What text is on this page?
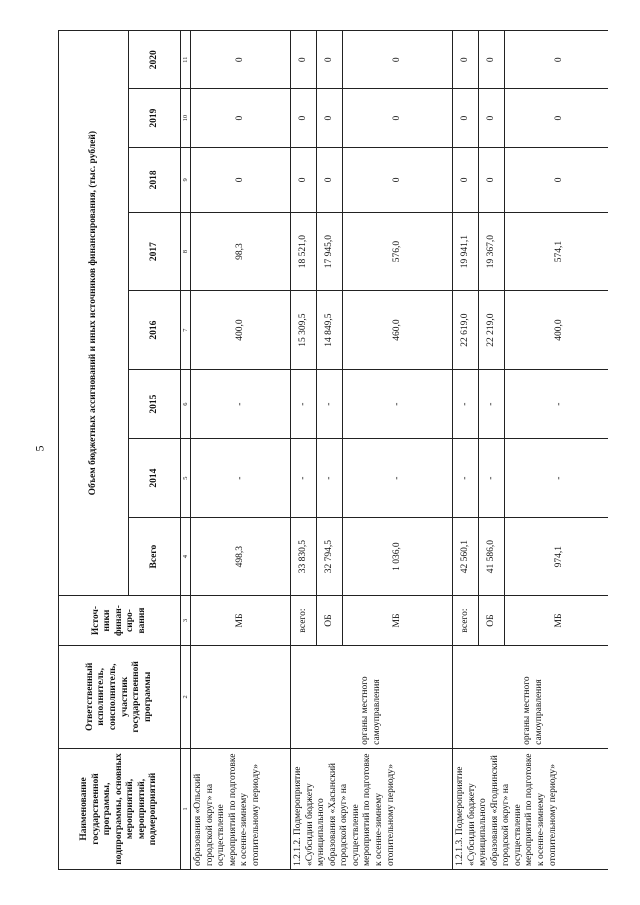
5
Наименование государственной программы, подпрограммы, основных мероприятий, мероприятий, подмероприятий	Ответственный исполнитель, соисполнитель, участник государственной программы	Источ-ники финан-сиро-вания	Объем бюджетных ассигнований и иных источников финансирования, (тыс. рублей)							
			Всего	2014	2015	2016	2017	2018	2019	2020
1	2	3	4	5	6	7	8	9	10	11
образования «Ольский городской округ» на осуществление мероприятий по подготовке к осенне-зимнему отопительному периоду»		МБ	498,3	-	-	400,0	98,3	0	0	0
1.2.1.2. Подмероприятие «Субсидии бюджету муниципального образования «Хасынский городской округ» на осуществление мероприятий по подготовке к осенне-зимнему отопительному периоду»	органы местного самоуправления	всего:	33 830,5	-	-	15 309,5	18 521,0	0	0	0
		ОБ	32 794,5	-	-	14 849,5	17 945,0	0	0	0
		МБ	1 036,0	-	-	460,0	576,0	0	0	0
1.2.1.3. Подмероприятие «Субсидии бюджету муниципального образования «Ягоднинский городской округ» на осуществление мероприятий по подготовке к осенне-зимнему отопительному периоду»	органы местного самоуправления	всего:	42 560,1	-	-	22 619,0	19 941,1	0	0	0
		ОБ	41 586,0	-	-	22 219,0	19 367,0	0	0	0
		МБ	974,1	-	-	400,0	574,1	0	0	0
